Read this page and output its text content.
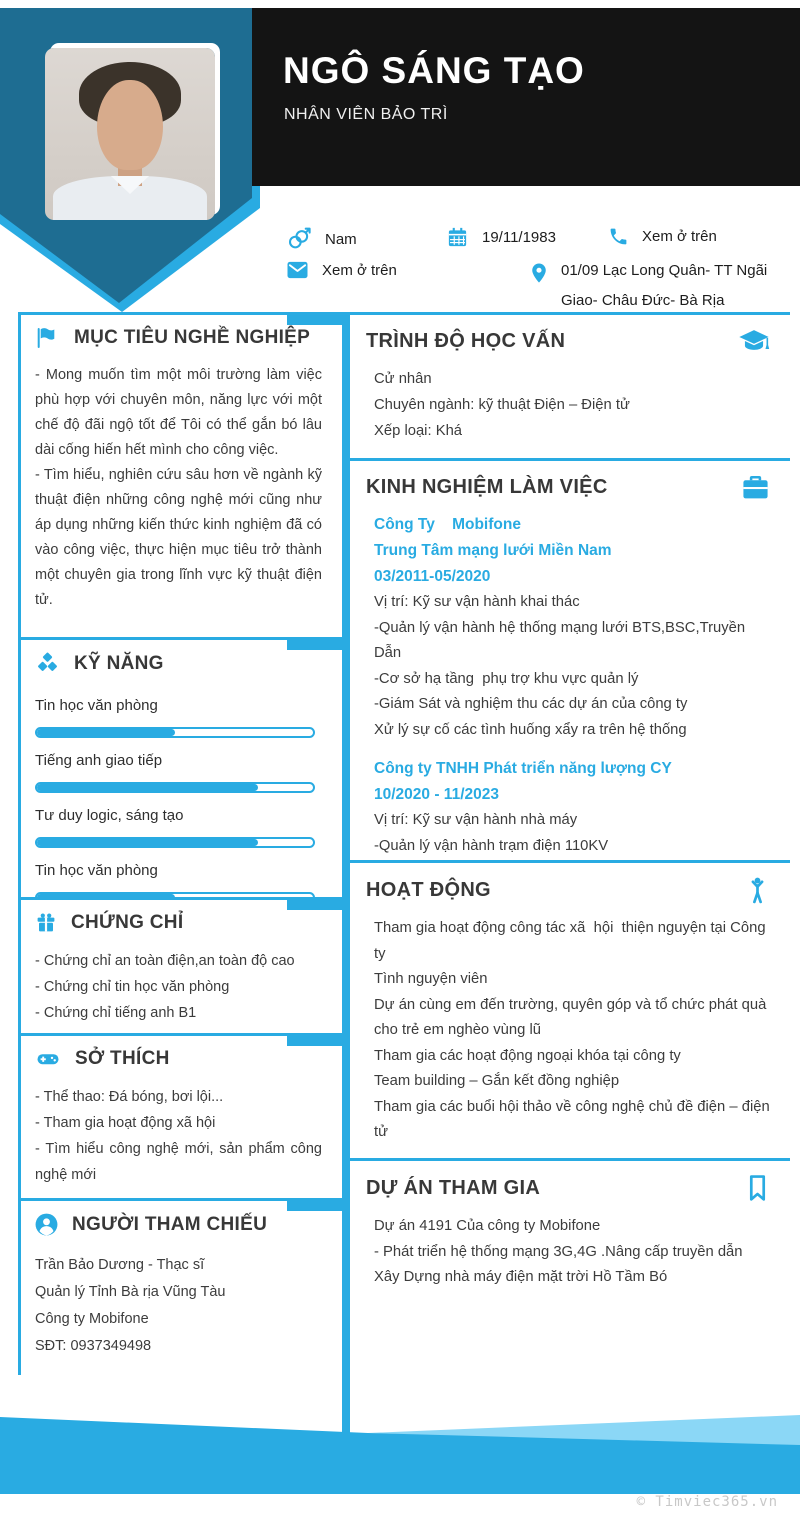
NGÔ SÁNG TẠO
NHÂN VIÊN BẢO TRÌ
Nam	19/11/1983	Xem ở trên
Xem ở trên	01/09 Lạc Long Quân- TT Ngãi Giao- Châu Đức- Bà Rịa
MỤC TIÊU NGHỀ NGHIỆP
- Mong muốn tìm một môi trường làm việc phù hợp với chuyên môn, năng lực với một chế độ đãi ngộ tốt để Tôi có thể gắn bó lâu dài cống hiến hết mình cho công việc.
- Tìm hiểu, nghiên cứu sâu hơn về ngành kỹ thuật điện những công nghệ mới cũng như áp dụng những kiến thức kinh nghiệm đã có vào công việc, thực hiện mục tiêu trở thành một chuyên gia trong lĩnh vực kỹ thuật điện tử.
KỸ NĂNG
Tin học văn phòng
Tiếng anh giao tiếp
Tư duy logic, sáng tạo
Tin học văn phòng
CHỨNG CHỈ
- Chứng chỉ an toàn điện,an toàn độ cao
- Chứng chỉ tin học văn phòng
- Chứng chỉ tiếng anh B1
SỞ THÍCH
- Thể thao: Đá bóng, bơi lội...
- Tham gia hoạt động xã hội
- Tìm hiểu công nghệ mới, sản phẩm công nghệ mới
NGƯỜI THAM CHIẾU
Trần Bảo Dương - Thạc sĩ
Quản lý Tỉnh Bà rịa Vũng Tàu
Công ty Mobifone
SĐT: 0937349498
TRÌNH ĐỘ HỌC VẤN
Cử nhân
Chuyên ngành: kỹ thuật Điện – Điện tử
Xếp loại: Khá
KINH NGHIỆM LÀM VIỆC
Công Ty    Mobifone
Trung Tâm mạng lưới Miền Nam
03/2011-05/2020
Vị trí: Kỹ sư vận hành khai thác
-Quản lý vận hành hệ thống mạng lưới BTS,BSC,Truyền Dẫn
-Cơ sở hạ tầng  phụ trợ khu vực quản lý
-Giám Sát và nghiệm thu các dự án của công ty
Xử lý sự cố các tình huống xẩy ra trên hệ thống
Công ty TNHH Phát triển năng lượng CY
10/2020 - 11/2023
Vị trí: Kỹ sư vận hành nhà máy
-Quản lý vận hành trạm điện 110KV
HOẠT ĐỘNG
Tham gia hoạt động công tác xã  hội  thiện nguyện tại Công ty
Tình nguyện viên
Dự án cùng em đến trường, quyên góp và tổ chức phát quà cho trẻ em nghèo vùng lũ
Tham gia các hoạt động ngoại khóa tại công ty
Team building – Gắn kết đồng nghiệp
Tham gia các buổi hội thảo về công nghệ chủ đề điện – điện tử
DỰ ÁN THAM GIA
Dự án 4191 Của công ty Mobifone
- Phát triển hệ thống mạng 3G,4G .Nâng cấp truyền dẫn
Xây Dựng nhà máy điện mặt trời Hồ Tầm Bó
© Timviec365.vn
